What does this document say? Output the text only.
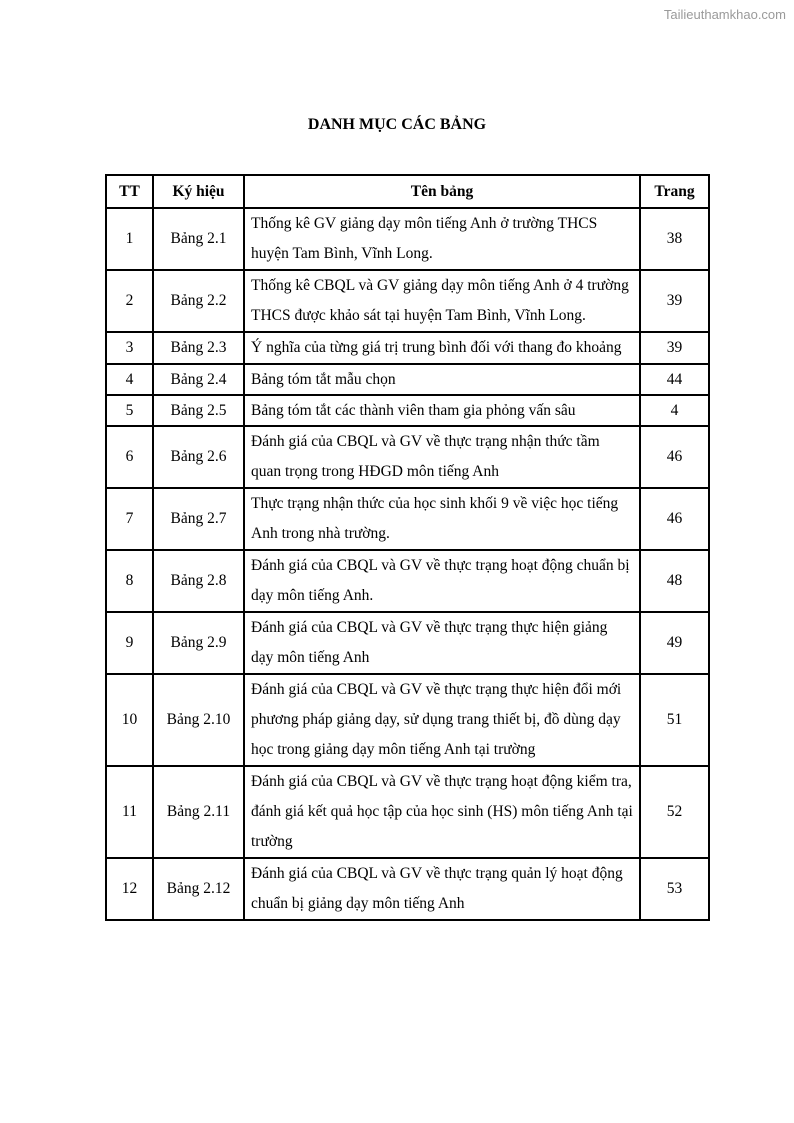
Tailieuthamkhao.com
DANH MỤC CÁC BẢNG
TT	Ký hiệu	Tên bảng	Trang
1	Bảng 2.1	Thống kê GV giảng dạy môn tiếng Anh ở trường THCS huyện Tam Bình, Vĩnh Long.	38
2	Bảng 2.2	Thống kê CBQL và GV giảng dạy môn tiếng Anh ở 4 trường THCS được khảo sát tại huyện Tam Bình, Vĩnh Long.	39
3	Bảng 2.3	Ý nghĩa của từng giá trị trung bình đối với thang đo khoảng	39
4	Bảng 2.4	Bảng tóm tắt mẫu chọn	44
5	Bảng 2.5	Bảng tóm tắt các thành viên tham gia phỏng vấn sâu	4
6	Bảng 2.6	Đánh giá của CBQL và GV về thực trạng nhận thức tầm quan trọng trong HĐGD môn tiếng Anh	46
7	Bảng 2.7	Thực trạng nhận thức của học sinh khối 9 về việc học tiếng Anh trong nhà trường.	46
8	Bảng 2.8	Đánh giá của CBQL và GV về thực trạng hoạt động chuẩn bị dạy môn tiếng Anh.	48
9	Bảng 2.9	Đánh giá của CBQL và GV về thực trạng thực hiện giảng dạy môn tiếng Anh	49
10	Bảng 2.10	Đánh giá của CBQL và GV về thực trạng thực hiện đổi mới phương pháp giảng dạy, sử dụng trang thiết bị, đồ dùng dạy học trong giảng dạy môn tiếng Anh tại trường	51
11	Bảng 2.11	Đánh giá của CBQL và GV về thực trạng hoạt động kiểm tra, đánh giá kết quả học tập của học sinh (HS) môn tiếng Anh tại trường	52
12	Bảng 2.12	Đánh giá của CBQL và GV về thực trạng quản lý hoạt động chuẩn bị giảng dạy môn tiếng Anh	53
